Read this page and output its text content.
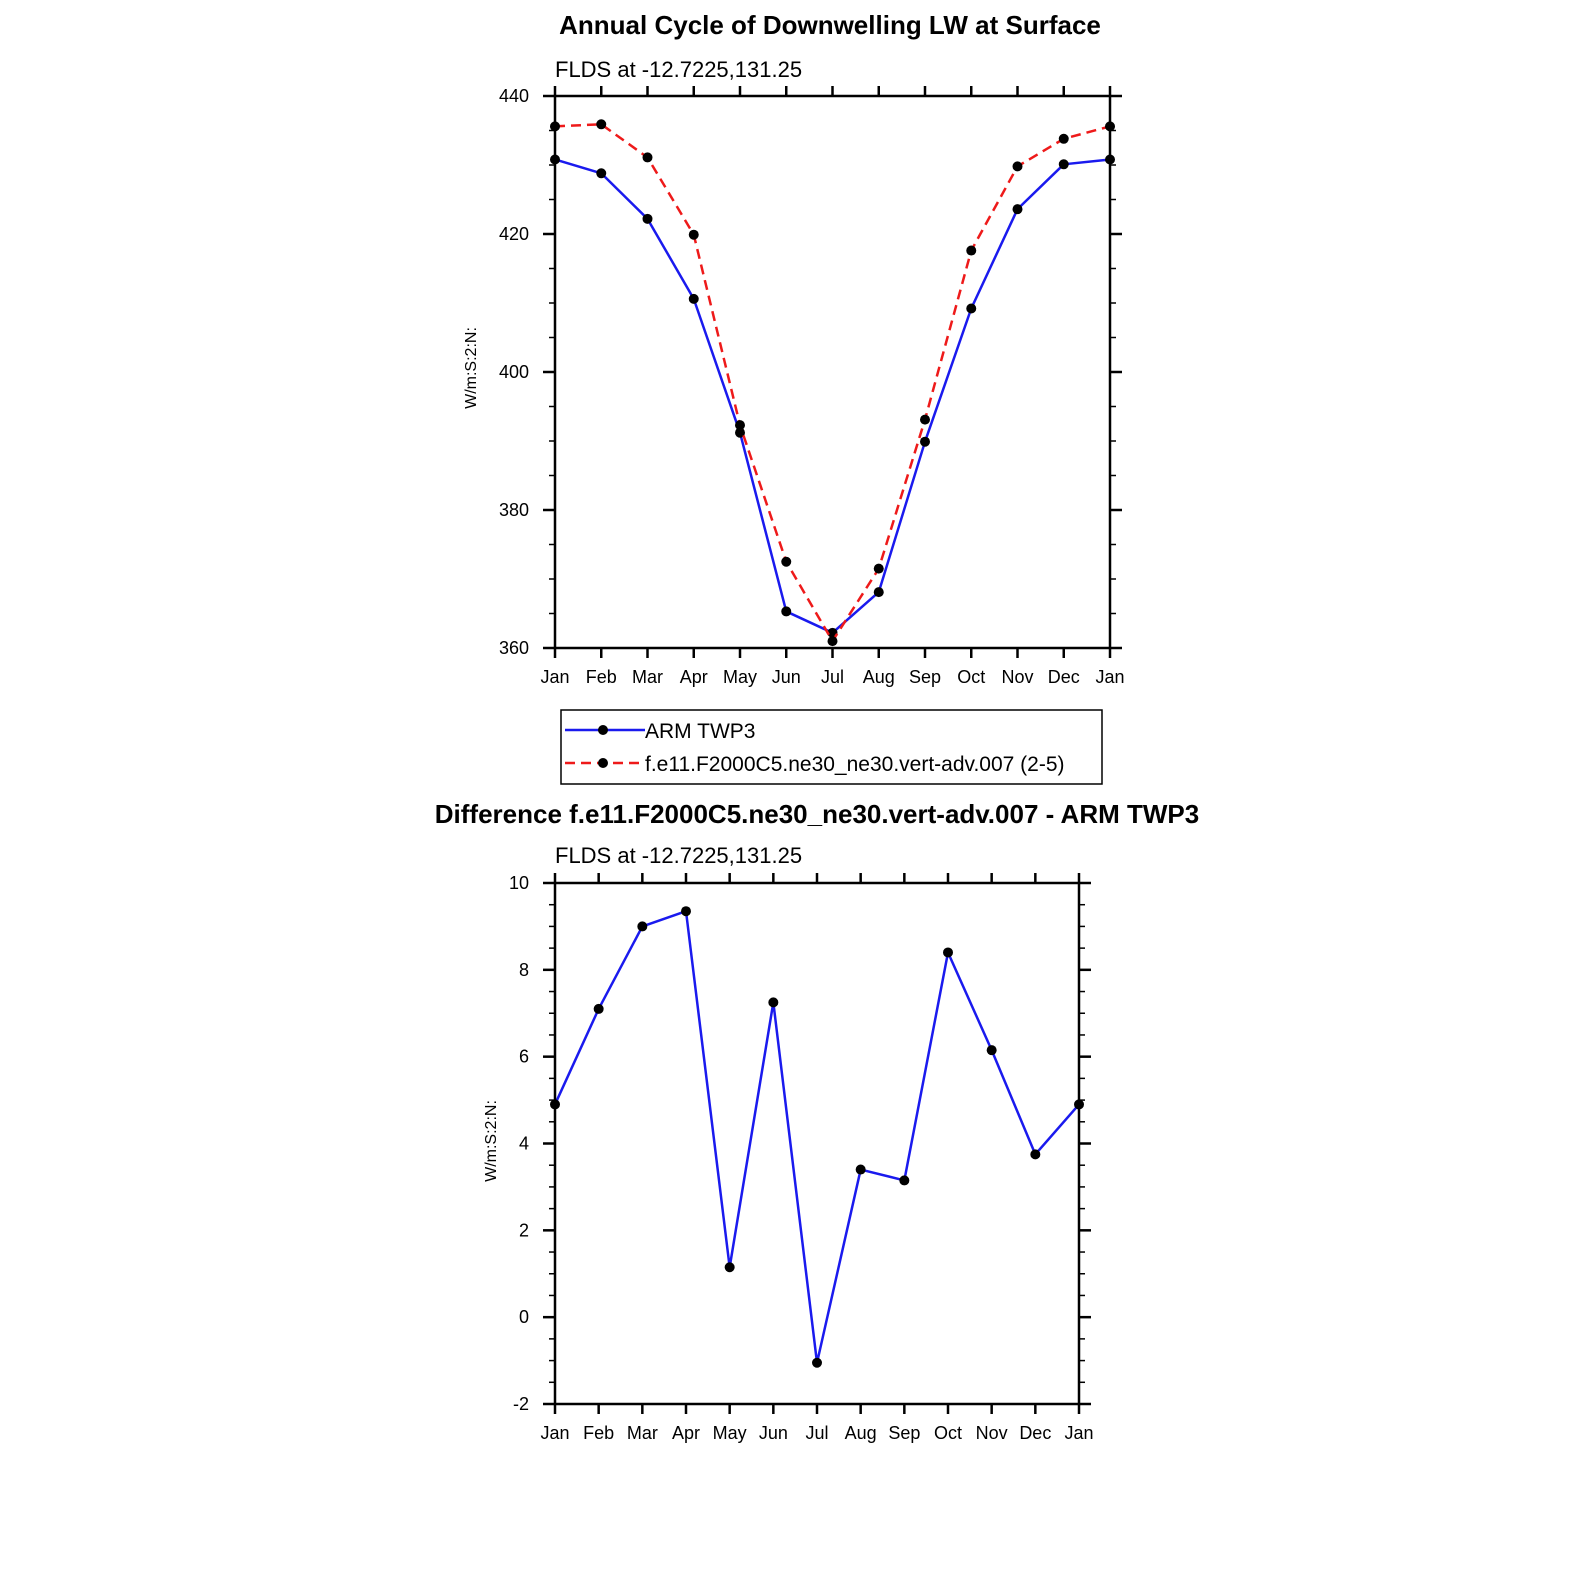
Annual Cycle of Downwelling LW at Surface
FLDS at -12.7225,131.25
W/m:S:2:N:
360
380
400
420
440
Jan Feb Mar Apr May Jun Jul Aug Sep Oct Nov Dec Jan
ARM TWP3
f.e11.F2000C5.ne30_ne30.vert-adv.007 (2-5)
Difference f.e11.F2000C5.ne30_ne30.vert-adv.007 - ARM TWP3
FLDS at -12.7225,131.25
W/m:S:2:N:
-2
0
2
4
6
8
10
Jan Feb Mar Apr May Jun Jul Aug Sep Oct Nov Dec Jan
